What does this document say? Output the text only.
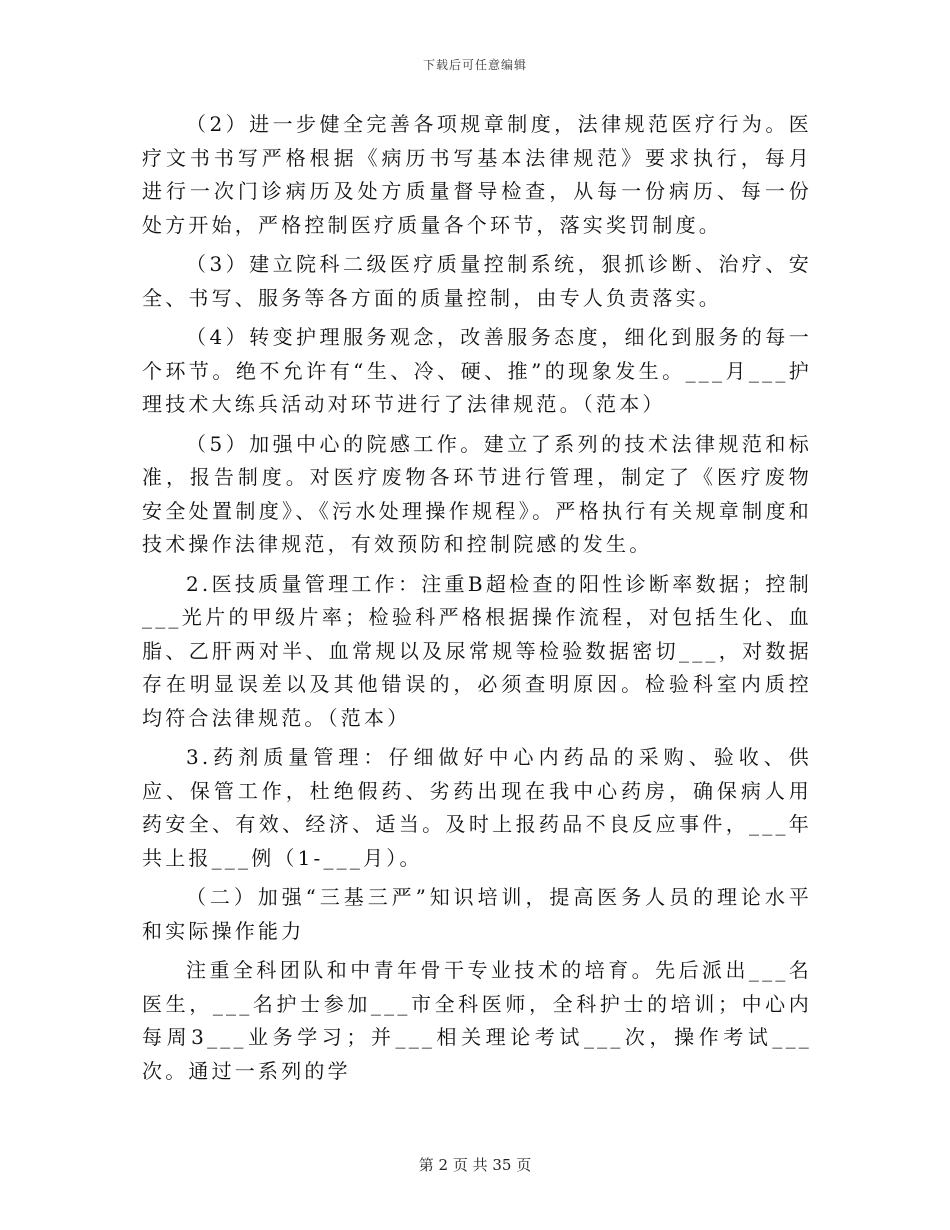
下载后可任意编辑

（2）进一步健全完善各项规章制度，法律规范医疗行为。医疗文书书写严格根据《病历书写基本法律规范》要求执行，每月进行一次门诊病历及处方质量督导检查，从每一份病历、每一份处方开始，严格控制医疗质量各个环节，落实奖罚制度。

（3）建立院科二级医疗质量控制系统，狠抓诊断、治疗、安全、书写、服务等各方面的质量控制，由专人负责落实。

（4）转变护理服务观念，改善服务态度，细化到服务的每一个环节。绝不允许有“生、冷、硬、推”的现象发生。___月___护理技术大练兵活动对环节进行了法律规范。（范本）

（5）加强中心的院感工作。建立了系列的技术法律规范和标准，报告制度。对医疗废物各环节进行管理，制定了《医疗废物安全处置制度》、《污水处理操作规程》。严格执行有关规章制度和技术操作法律规范，有效预防和控制院感的发生。

2.医技质量管理工作：注重B超检查的阳性诊断率数据；控制___光片的甲级片率；检验科严格根据操作流程，对包括生化、血脂、乙肝两对半、血常规以及尿常规等检验数据密切___，对数据存在明显误差以及其他错误的，必须查明原因。检验科室内质控均符合法律规范。（范本）

3.药剂质量管理：仔细做好中心内药品的采购、验收、供应、保管工作，杜绝假药、劣药出现在我中心药房，确保病人用药安全、有效、经济、适当。及时上报药品不良反应事件，___年共上报___例（1-___月）。

（二）加强“三基三严”知识培训，提高医务人员的理论水平和实际操作能力

注重全科团队和中青年骨干专业技术的培育。先后派出___名医生，___名护士参加___市全科医师，全科护士的培训；中心内每周3___业务学习；并___相关理论考试___次，操作考试___次。通过一系列的学

第 2 页 共 35 页
